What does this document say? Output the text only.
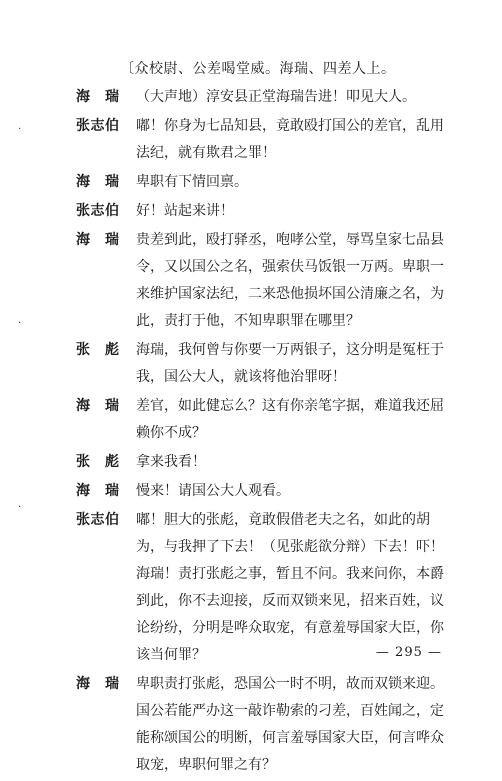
〔众校尉、公差喝堂威。海瑞、四差人上。
海　瑞	（大声地）淳安县正堂海瑞告进！叩见大人。
张志伯	嘟！你身为七品知县，竟敢殴打国公的差官，乱用法纪，就有欺君之罪！
海　瑞	卑职有下情回禀。
张志伯	好！站起来讲！
海　瑞	贵差到此，殴打驿丞，咆哮公堂，辱骂皇家七品县令，又以国公之名，强索伕马饭银一万两。卑职一来维护国家法纪，二来恐他损坏国公清廉之名，为此，责打于他，不知卑职罪在哪里？
张　彪	海瑞，我何曾与你要一万两银子，这分明是冤枉于我，国公大人，就该将他治罪呀！
海　瑞	差官，如此健忘么？这有你亲笔字据，难道我还屈赖你不成？
张　彪	拿来我看！
海　瑞	慢来！请国公大人观看。
张志伯	嘟！胆大的张彪，竟敢假借老夫之名，如此的胡为，与我押了下去！（见张彪欲分辩）下去！吓！海瑞！责打张彪之事，暂且不问。我来问你，本爵到此，你不去迎接，反而双锁来见，招来百姓，议论纷纷，分明是哗众取宠，有意羞辱国家大臣，你该当何罪？
海　瑞	卑职责打张彪，恐国公一时不明，故而双锁来迎。国公若能严办这一敲诈勒索的刁差，百姓闻之，定能称颂国公的明断，何言羞辱国家大臣，何言哗众取宠，卑职何罪之有？
·
·
·
— 295 —
